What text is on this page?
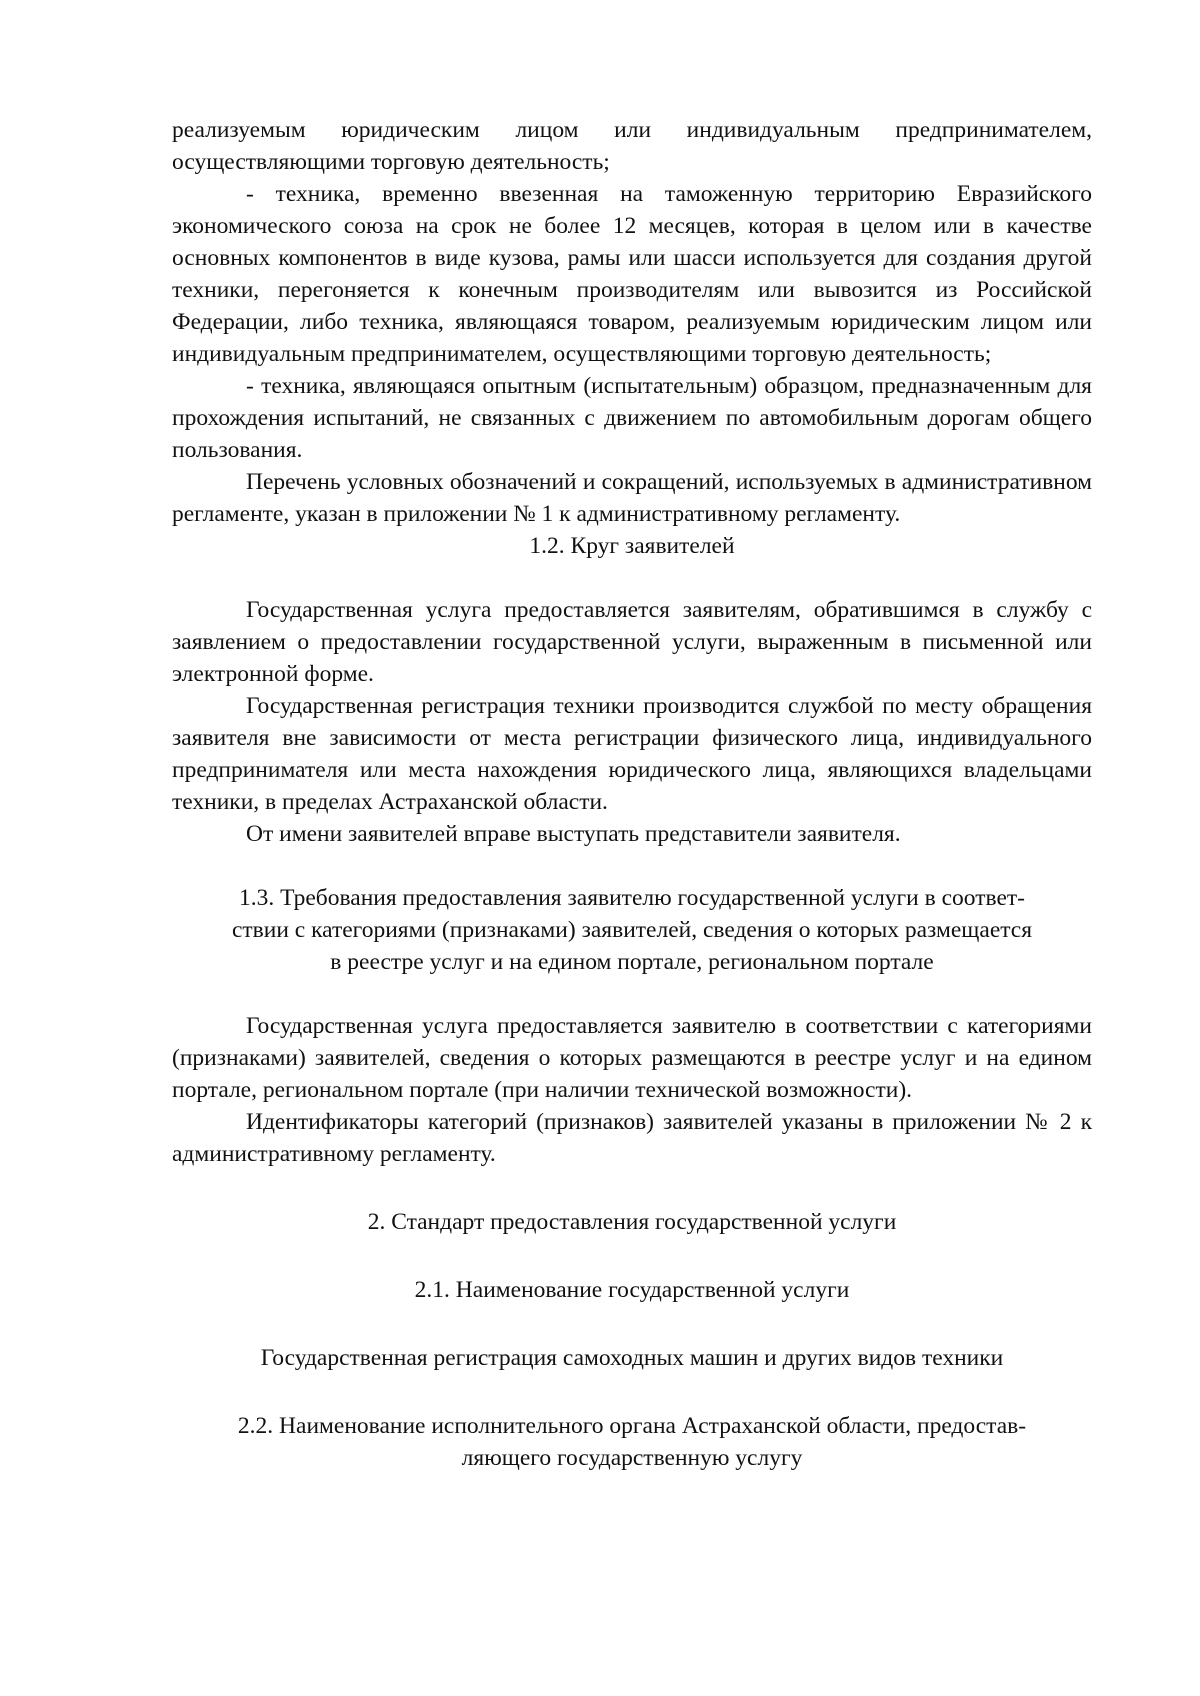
реализуемым юридическим лицом или индивидуальным предпринимателем, осуществляющими торговую деятельность;

- техника, временно ввезенная на таможенную территорию Евразийского экономического союза на срок не более 12 месяцев, которая в целом или в качестве основных компонентов в виде кузова, рамы или шасси используется для создания другой техники, перегоняется к конечным производителям или вывозится из Российской Федерации, либо техника, являющаяся товаром, реализуемым юридическим лицом или индивидуальным предпринимателем, осуществляющими торговую деятельность;

- техника, являющаяся опытным (испытательным) образцом, предназначенным для прохождения испытаний, не связанных с движением по автомобильным дорогам общего пользования.

Перечень условных обозначений и сокращений, используемых в административном регламенте, указан в приложении № 1 к административному регламенту.

1.2. Круг заявителей

Государственная услуга предоставляется заявителям, обратившимся в службу с заявлением о предоставлении государственной услуги, выраженным в письменной или электронной форме.

Государственная регистрация техники производится службой по месту обращения заявителя вне зависимости от места регистрации физического лица, индивидуального предпринимателя или места нахождения юридического лица, являющихся владельцами техники, в пределах Астраханской области.

От имени заявителей вправе выступать представители заявителя.

1.3. Требования предоставления заявителю государственной услуги в соответ-

ствии с категориями (признаками) заявителей, сведения о которых размещается

в реестре услуг и на едином портале, региональном портале

Государственная услуга предоставляется заявителю в соответствии с категориями (признаками) заявителей, сведения о которых размещаются в реестре услуг и на едином портале, региональном портале (при наличии технической возможности).

Идентификаторы категорий (признаков) заявителей указаны в приложении № 2 к административному регламенту.

2. Стандарт предоставления государственной услуги

2.1. Наименование государственной услуги

Государственная регистрация самоходных машин и других видов техники

2.2. Наименование исполнительного органа Астраханской области, предостав-

ляющего государственную услугу
